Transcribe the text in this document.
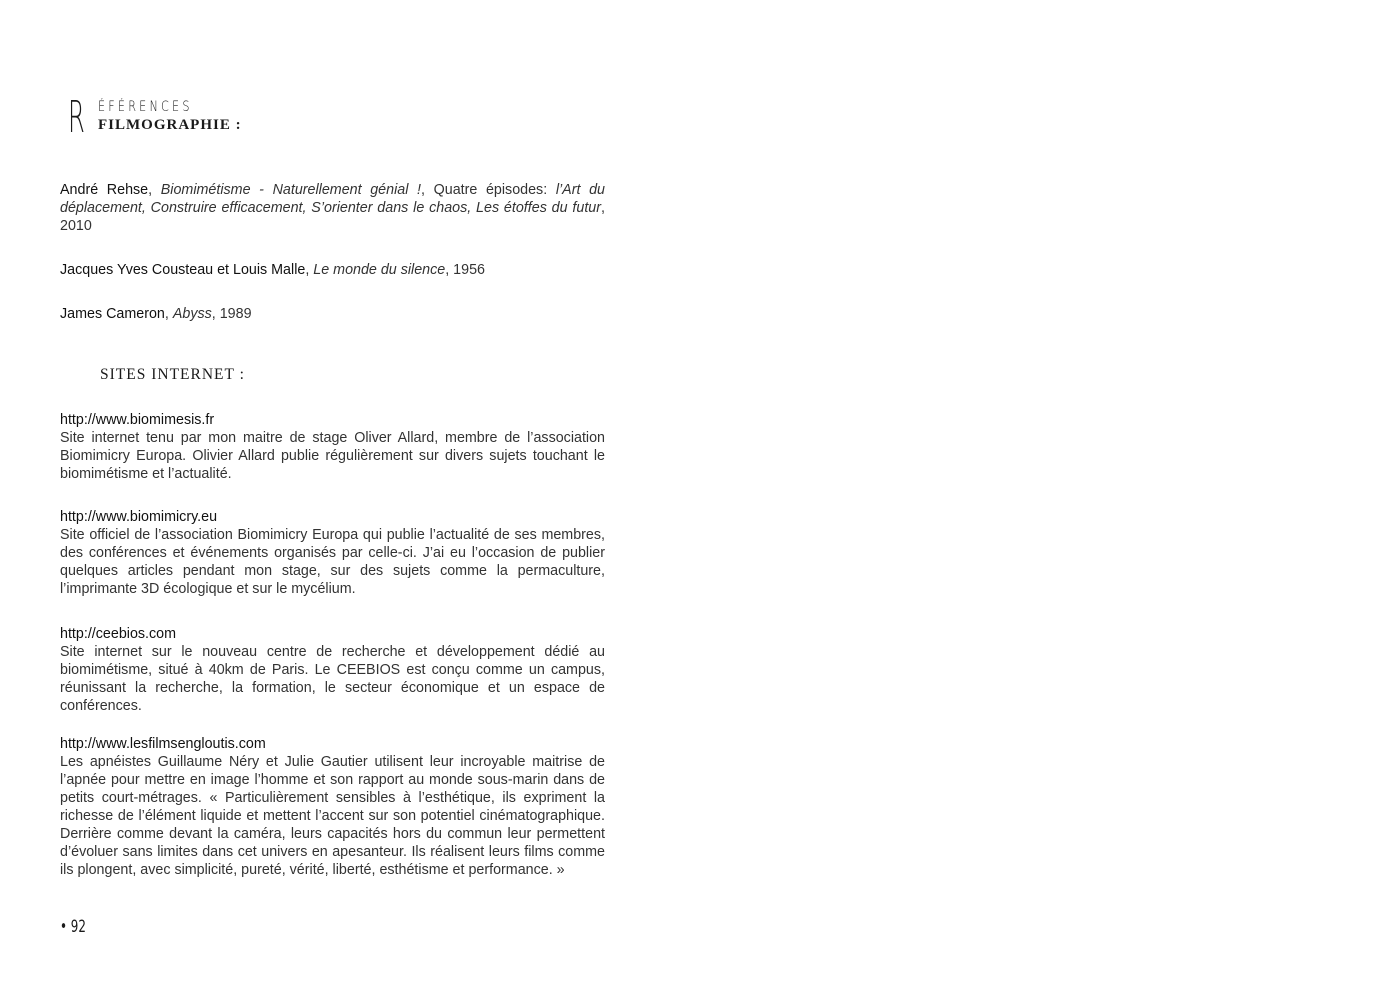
R ÉFÉRENCES
FILMOGRAPHIE :
André Rehse, Biomimétisme - Naturellement génial !, Quatre épisodes: l’Art du déplacement, Construire efficacement, S’orienter dans le chaos, Les étoffes du futur, 2010
Jacques Yves Cousteau et Louis Malle, Le monde du silence, 1956
James Cameron, Abyss, 1989
SITES INTERNET :
http://www.biomimesis.fr
Site internet tenu par mon maitre de stage Oliver Allard, membre de l’association Biomimicry Europa. Olivier Allard publie régulièrement sur divers sujets touchant le biomimétisme et l’actualité.
http://www.biomimicry.eu
Site officiel de l’association Biomimicry Europa qui publie l’actualité de ses membres, des conférences et événements organisés par celle-ci. J’ai eu l’occasion de publier quelques articles pendant mon stage, sur des sujets comme la permaculture, l’imprimante 3D écologique et sur le mycélium.
http://ceebios.com
Site internet sur le nouveau centre de recherche et développement dédié au biomimétisme, situé à 40km de Paris. Le CEEBIOS est conçu comme un campus, réunissant la recherche, la formation, le secteur économique et un espace de conférences.
http://www.lesfilmsengloutis.com
Les apnéistes Guillaume Néry et Julie Gautier utilisent leur incroyable maitrise de l’apnée pour mettre en image l’homme et son rapport au monde sous-marin dans de petits court-métrages. « Particulièrement sensibles à l’esthétique, ils expriment la richesse de l’élément liquide et mettent l’accent sur son potentiel cinématographique. Derrière comme devant la caméra, leurs capacités hors du commun leur permettent d’évoluer sans limites dans cet univers en apesanteur. Ils réalisent leurs films comme ils plongent, avec simplicité, pureté, vérité, liberté, esthétisme et performance. »
• 92
